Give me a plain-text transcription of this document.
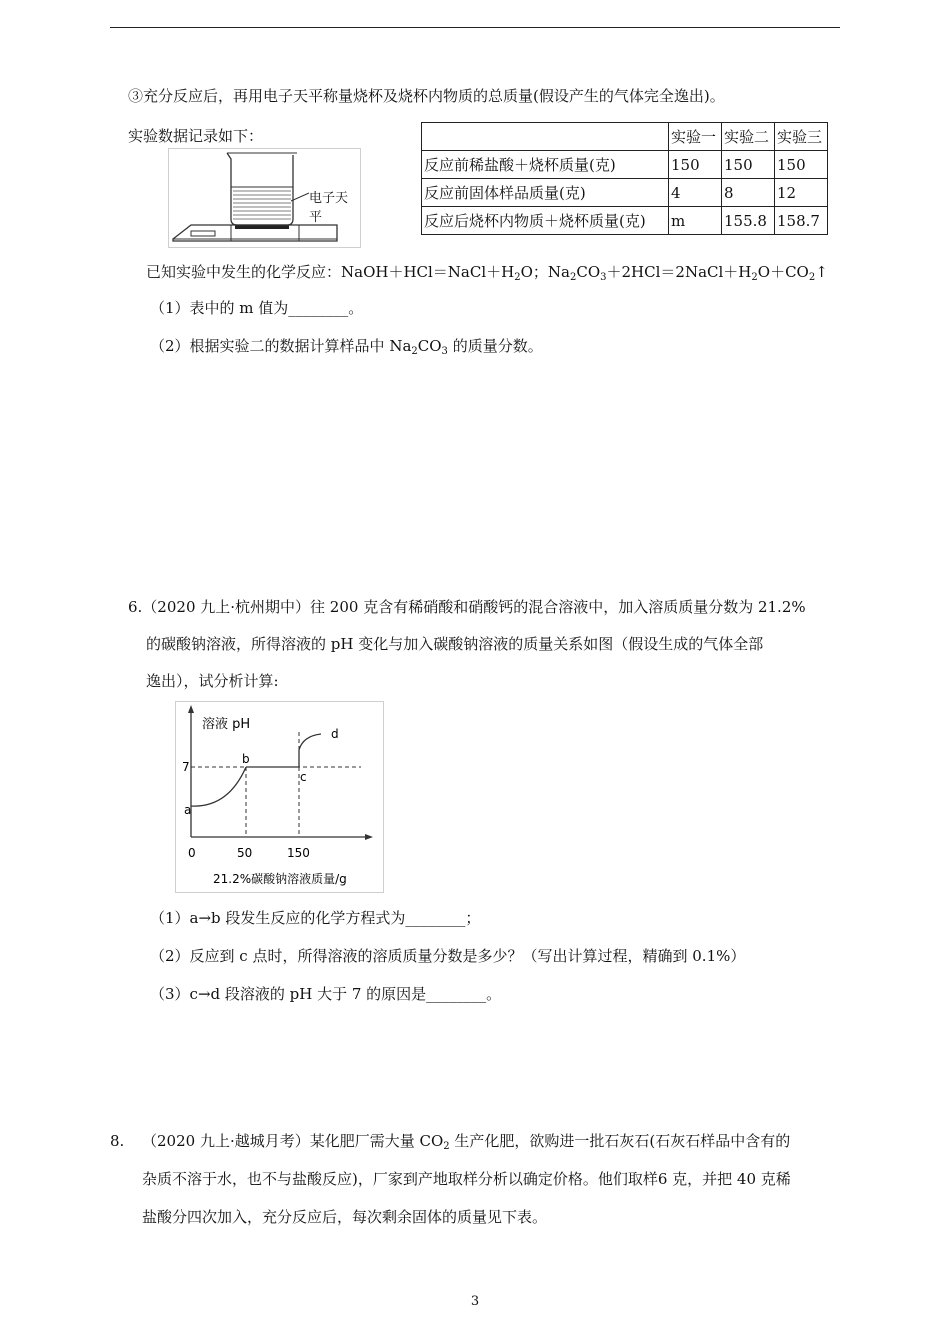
③充分反应后，再用电子天平称量烧杯及烧杯内物质的总质量(假设产生的气体完全逸出)。
实验数据记录如下：
电子天平
	实验一	实验二	实验三
反应前稀盐酸＋烧杯质量(克)	150	150	150
反应前固体样品质量(克)	4	8	12
反应后烧杯内物质＋烧杯质量(克)	m	155.8	158.7
已知实验中发生的化学反应：$NaOH+HCl=NaCl+H_2O$；$Na_2CO_3+2HCl=2NaCl+H_2O+CO_2↑$
（1）表中的 m 值为________。
（2）根据实验二的数据计算样品中 $Na_2CO_3$ 的质量分数。
6.（2020 九上·杭州期中）往 200 克含有稀硝酸和硝酸钙的混合溶液中，加入溶质质量分数为 21.2%
的碳酸钠溶液，所得溶液的 pH 变化与加入碳酸钠溶液的质量关系如图（假设生成的气体全部
逸出），试分析计算:
溶液 pH
7
a
b
c
d
0	50	150
21.2%碳酸钠溶液质量/g
（1）a→b 段发生反应的化学方程式为________；
（2）反应到 c 点时，所得溶液的溶质质量分数是多少？（写出计算过程，精确到 0.1%）
（3）c→d 段溶液的 pH 大于 7 的原因是________。
8. （2020 九上·越城月考）某化肥厂需大量 $CO_2$ 生产化肥，欲购进一批石灰石(石灰石样品中含有的
杂质不溶于水，也不与盐酸反应)，厂家到产地取样分析以确定价格。他们取样6 克，并把 40 克稀
盐酸分四次加入，充分反应后，每次剩余固体的质量见下表。
3
